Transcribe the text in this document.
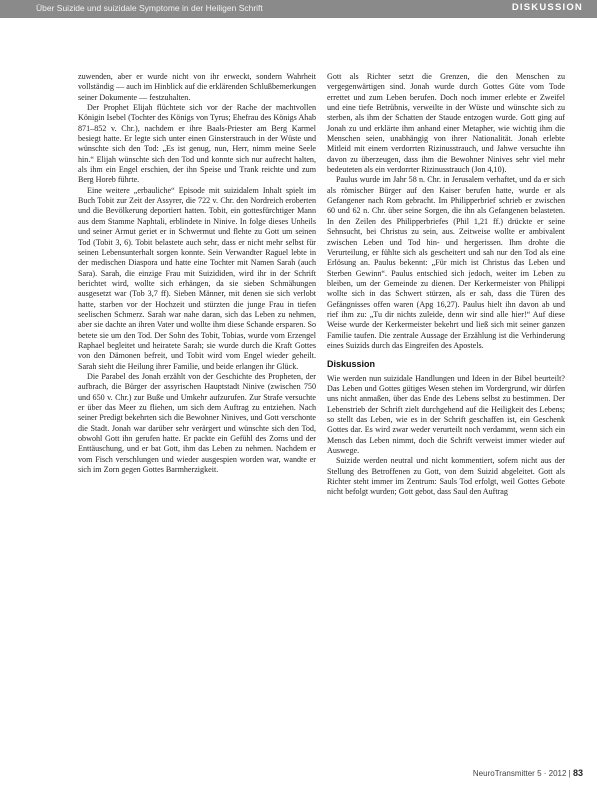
Über Suizide und suizidale Symptome in der Heiligen Schrift	DISKUSSION

zuwenden, aber er wurde nicht von ihr erweckt, sondern Wahrheit vollständig — auch im Hinblick auf die erklärenden Schlußbemerkungen seiner Dokumente — festzuhalten.

Der Prophet Elijah flüchtete sich vor der Rache der machtvollen Königin Isebel (Tochter des Königs von Tyrus; Ehefrau des Königs Ahab 871–852 v. Chr.), nachdem er ihre Baals-Priester am Berg Karmel besiegt hatte. Er legte sich unter einen Ginsterstrauch in der Wüste und wünschte sich den Tod: „Es ist genug, nun, Herr, nimm meine Seele hin.“ Elijah wünschte sich den Tod und konnte sich nur aufrecht halten, als ihm ein Engel erschien, der ihn Speise und Trank reichte und zum Berg Horeb führte.

Eine weitere „erbauliche“ Episode mit suizidalem Inhalt spielt im Buch Tobit zur Zeit der Assyrer, die 722 v. Chr. den Nordreich eroberten und die Bevölkerung deportiert hatten. Tobit, ein gottesfürchtiger Mann aus dem Stamme Naphtali, erblindete in Ninive. In folge dieses Unheils und seiner Armut geriet er in Schwermut und flehte zu Gott um seinen Tod (Tobit 3, 6). Tobit belastete auch sehr, dass er nicht mehr selbst für seinen Lebensunterhalt sorgen konnte. Sein Verwandter Raguel lebte in der medischen Diaspora und hatte eine Tochter mit Namen Sarah (auch Sara). Sarah, die einzige Frau mit Suizididen, wird ihr in der Schrift berichtet wird, wollte sich erhängen, da sie sieben Schmähungen ausgesetzt war (Tob 3,7 ff). Sieben Männer, mit denen sie sich verlobt hatte, starben vor der Hochzeit und stürzten die junge Frau in tiefen seelischen Schmerz. Sarah war nahe daran, sich das Leben zu nehmen, aber sie dachte an ihren Vater und wollte ihm diese Schande ersparen. So betete sie um den Tod. Der Sohn des Tobit, Tobias, wurde vom Erzengel Raphael begleitet und heiratete Sarah; sie wurde durch die Kraft Gottes von den Dämonen befreit, und Tobit wird vom Engel wieder geheilt. Sarah sieht die Heilung ihrer Familie, und beide erlangen ihr Glück.

Die Parabel des Jonah erzählt von der Geschichte des Propheten, der aufbrach, die Bürger der assyrischen Hauptstadt Ninive (zwischen 750 und 650 v. Chr.) zur Buße und Umkehr aufzurufen. Zur Strafe versuchte er über das Meer zu fliehen, um sich dem Auftrag zu entziehen. Nach seiner Predigt bekehrten sich die Bewohner Ninives, und Gott verschonte die Stadt. Jonah war darüber sehr verärgert und wünschte sich den Tod, obwohl Gott ihn gerufen hatte. Er packte ein Gefühl des Zorns und der Enttäuschung, und er bat Gott, ihm das Leben zu nehmen. Nachdem er vom Fisch verschlungen und wieder ausgespien worden war, wandte er sich im Zorn gegen Gottes Barmherzigkeit.

Gott als Richter setzt die Grenzen, die den Menschen zu vergegenwärtigen sind. Jonah wurde durch Gottes Güte vom Tode errettet und zum Leben berufen. Doch noch immer erlebte er Zweifel und eine tiefe Betrübnis, verweilte in der Wüste und wünschte sich zu sterben, als ihm der Schatten der Staude entzogen wurde. Gott ging auf Jonah zu und erklärte ihm anhand einer Metapher, wie wichtig ihm die Menschen seien, unabhängig von ihrer Nationalität. Jonah erlebte Mitleid mit einem verdorrten Rizinusstrauch, und Jahwe versuchte ihn davon zu überzeugen, dass ihm die Bewohner Ninives sehr viel mehr bedeuteten als ein verdorrter Rizinusstrauch (Jon 4,10).

Paulus wurde im Jahr 58 n. Chr. in Jerusalem verhaftet, und da er sich als römischer Bürger auf den Kaiser berufen hatte, wurde er als Gefangener nach Rom gebracht. Im Philipperbrief schrieb er zwischen 60 und 62 n. Chr. über seine Sorgen, die ihn als Gefangenen belasteten. In den Zeilen des Philipperbriefes (Phil 1,21 ff.) drückte er seine Sehnsucht, bei Christus zu sein, aus. Zeitweise wollte er ambivalent zwischen Leben und Tod hin- und hergerissen. Ihm drohte die Verurteilung, er fühlte sich als gescheitert und sah nur den Tod als eine Erlösung an. Paulus bekennt: „Für mich ist Christus das Leben und Sterben Gewinn“. Paulus entschied sich jedoch, weiter im Leben zu bleiben, um der Gemeinde zu dienen. Der Kerkermeister von Philippi wollte sich in das Schwert stürzen, als er sah, dass die Türen des Gefängnisses offen waren (Apg 16,27). Paulus hielt ihn davon ab und rief ihm zu: „Tu dir nichts zuleide, denn wir sind alle hier!“ Auf diese Weise wurde der Kerkermeister bekehrt und ließ sich mit seiner ganzen Familie taufen. Die zentrale Aussage der Erzählung ist die Verhinderung eines Suizids durch das Eingreifen des Apostels.

Diskussion

Wie werden nun suizidale Handlungen und Ideen in der Bibel beurteilt? Das Leben und Gottes gütiges Wesen stehen im Vordergrund, wir dürfen uns nicht anmaßen, über das Ende des Lebens selbst zu bestimmen. Der Lebenstrieb der Schrift zielt durchgehend auf die Heiligkeit des Lebens; so stellt das Leben, wie es in der Schrift geschaffen ist, ein Geschenk Gottes dar. Es wird zwar weder verurteilt noch verdammt, wenn sich ein Mensch das Leben nimmt, doch die Schrift verweist immer wieder auf Auswege.

Suizide werden neutral und nicht kommentiert, sofern nicht aus der Stellung des Betroffenen zu Gott, von dem Suizid abgeleitet. Gott als Richter steht immer im Zentrum: Sauls Tod erfolgt, weil Gottes Gebote nicht befolgt wurden; Gott gebot, dass Saul den Auftrag

NeuroTransmitter 5 · 2012 | 83
